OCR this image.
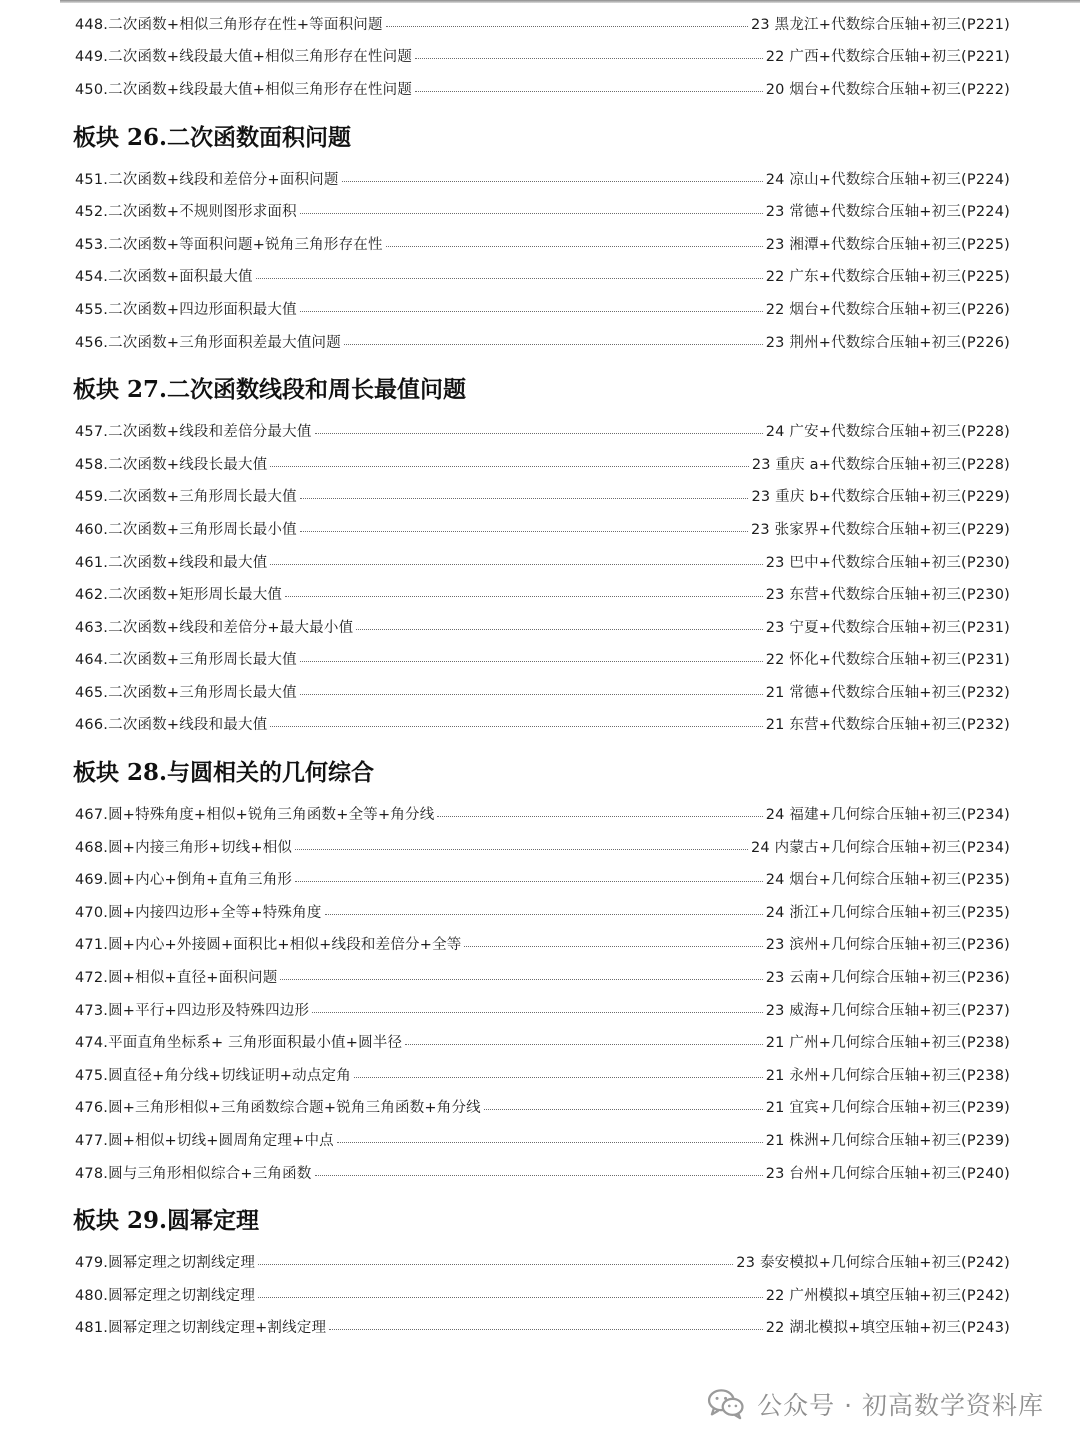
448.二次函数+相似三角形存在性+等面积问题	23 黑龙江+代数综合压轴+初三(P221)
449.二次函数+线段最大值+相似三角形存在性问题	22 广西+代数综合压轴+初三(P221)
450.二次函数+线段最大值+相似三角形存在性问题	20 烟台+代数综合压轴+初三(P222)
板块 26.二次函数面积问题
451.二次函数+线段和差倍分+面积问题	24 凉山+代数综合压轴+初三(P224)
452.二次函数+不规则图形求面积	23 常德+代数综合压轴+初三(P224)
453.二次函数+等面积问题+锐角三角形存在性	23 湘潭+代数综合压轴+初三(P225)
454.二次函数+面积最大值	22 广东+代数综合压轴+初三(P225)
455.二次函数+四边形面积最大值	22 烟台+代数综合压轴+初三(P226)
456.二次函数+三角形面积差最大值问题	23 荆州+代数综合压轴+初三(P226)
板块 27.二次函数线段和周长最值问题
457.二次函数+线段和差倍分最大值	24 广安+代数综合压轴+初三(P228)
458.二次函数+线段长最大值	23 重庆 a+代数综合压轴+初三(P228)
459.二次函数+三角形周长最大值	23 重庆 b+代数综合压轴+初三(P229)
460.二次函数+三角形周长最小值	23 张家界+代数综合压轴+初三(P229)
461.二次函数+线段和最大值	23 巴中+代数综合压轴+初三(P230)
462.二次函数+矩形周长最大值	23 东营+代数综合压轴+初三(P230)
463.二次函数+线段和差倍分+最大最小值	23 宁夏+代数综合压轴+初三(P231)
464.二次函数+三角形周长最大值	22 怀化+代数综合压轴+初三(P231)
465.二次函数+三角形周长最大值	21 常德+代数综合压轴+初三(P232)
466.二次函数+线段和最大值	21 东营+代数综合压轴+初三(P232)
板块 28.与圆相关的几何综合
467.圆+特殊角度+相似+锐角三角函数+全等+角分线	24 福建+几何综合压轴+初三(P234)
468.圆+内接三角形+切线+相似	24 内蒙古+几何综合压轴+初三(P234)
469.圆+内心+倒角+直角三角形	24 烟台+几何综合压轴+初三(P235)
470.圆+内接四边形+全等+特殊角度	24 浙江+几何综合压轴+初三(P235)
471.圆+内心+外接圆+面积比+相似+线段和差倍分+全等	23 滨州+几何综合压轴+初三(P236)
472.圆+相似+直径+面积问题	23 云南+几何综合压轴+初三(P236)
473.圆+平行+四边形及特殊四边形	23 威海+几何综合压轴+初三(P237)
474.平面直角坐标系+ 三角形面积最小值+圆半径	21 广州+几何综合压轴+初三(P238)
475.圆直径+角分线+切线证明+动点定角	21 永州+几何综合压轴+初三(P238)
476.圆+三角形相似+三角函数综合题+锐角三角函数+角分线	21 宜宾+几何综合压轴+初三(P239)
477.圆+相似+切线+圆周角定理+中点	21 株洲+几何综合压轴+初三(P239)
478.圆与三角形相似综合+三角函数	23 台州+几何综合压轴+初三(P240)
板块 29.圆幂定理
479.圆幂定理之切割线定理	23 泰安模拟+几何综合压轴+初三(P242)
480.圆幂定理之切割线定理	22 广州模拟+填空压轴+初三(P242)
481.圆幂定理之切割线定理+割线定理	22 湖北模拟+填空压轴+初三(P243)
公众号 · 初高数学资料库
